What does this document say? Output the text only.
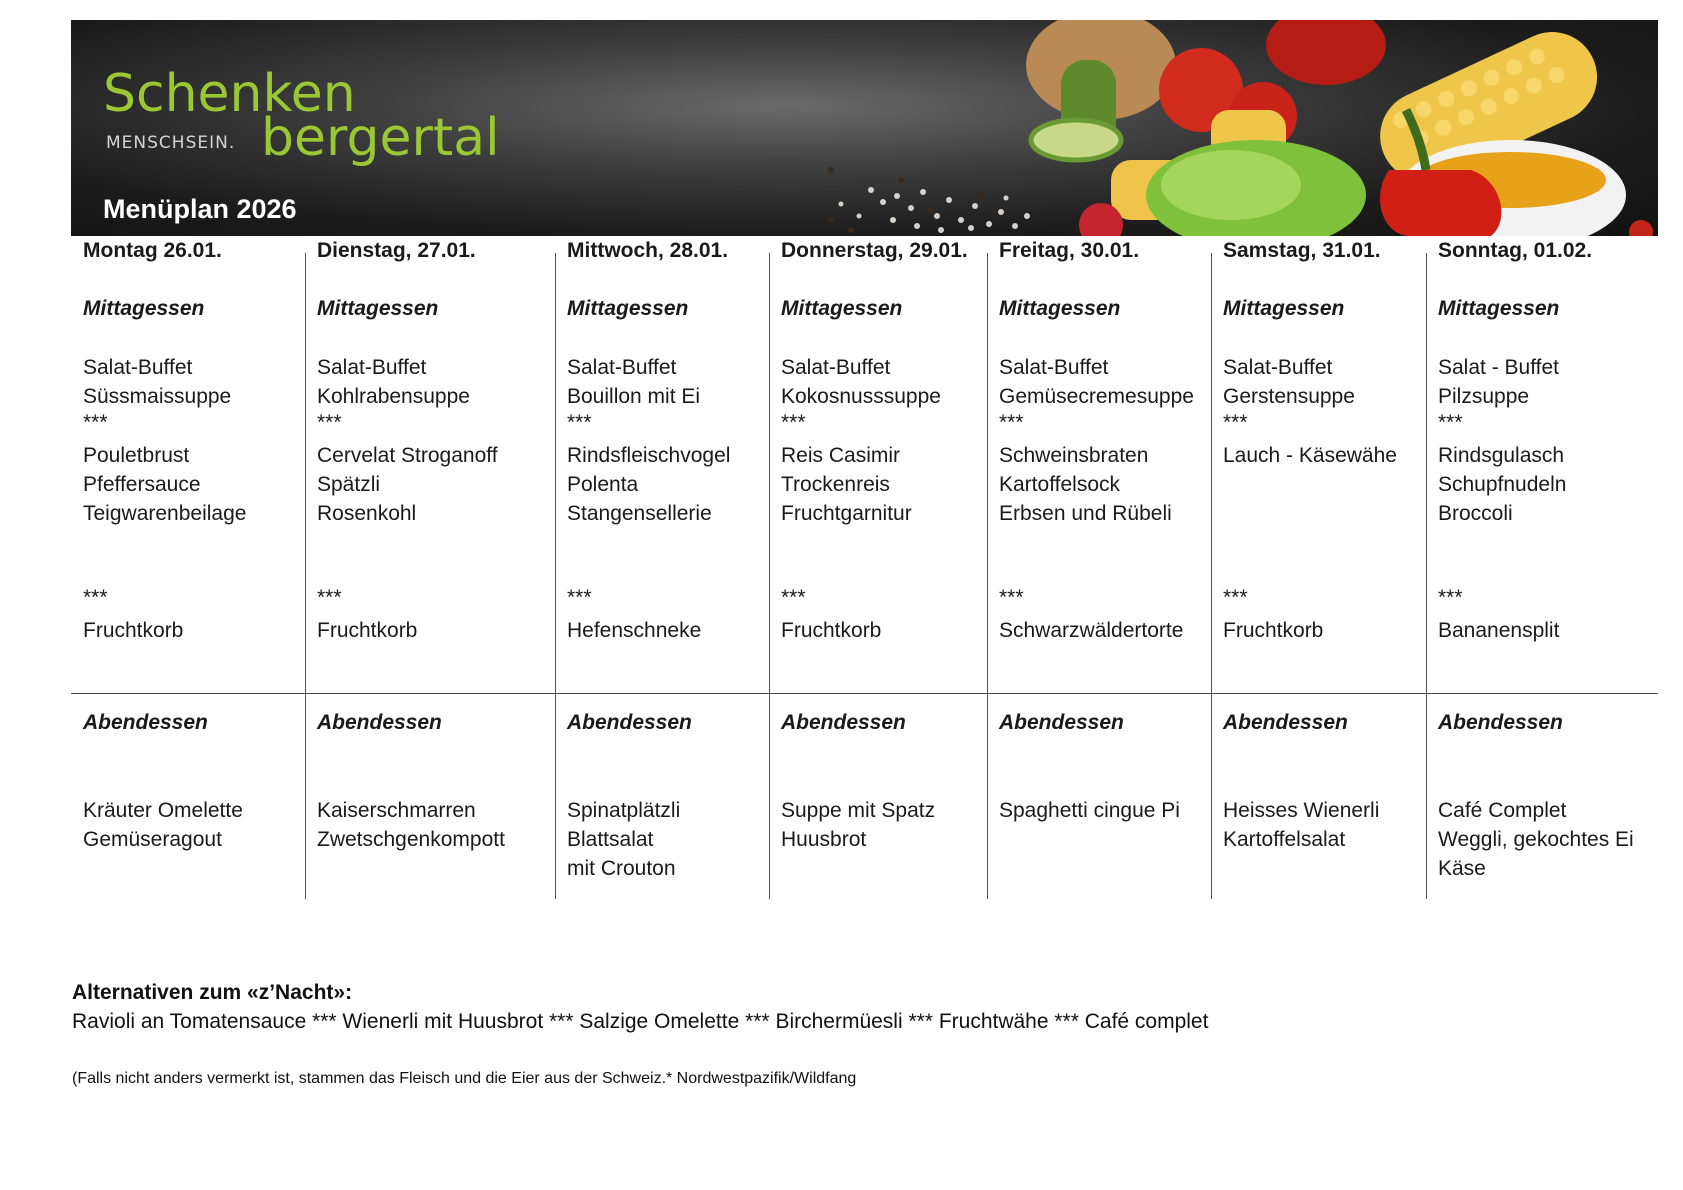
Schenken
MENSCHSEIN. bergertal
Menüplan 2026
Montag 26.01.
Mittagessen
Salat-Buffet
Süssmaissuppe
***
Pouletbrust
Pfeffersauce
Teigwarenbeilage
***
Fruchtkorb
Abendessen
Kräuter Omelette
Gemüseragout
Dienstag, 27.01.
Mittagessen
Salat-Buffet
Kohlrabensuppe
***
Cervelat Stroganoff
Spätzli
Rosenkohl
***
Fruchtkorb
Abendessen
Kaiserschmarren
Zwetschgenkompott
Mittwoch, 28.01.
Mittagessen
Salat-Buffet
Bouillon mit Ei
***
Rindsfleischvogel
Polenta
Stangensellerie
***
Hefenschneke
Abendessen
Spinatplätzli
Blattsalat
mit Crouton
Donnerstag, 29.01.
Mittagessen
Salat-Buffet
Kokosnusssuppe
***
Reis Casimir
Trockenreis
Fruchtgarnitur
***
Fruchtkorb
Abendessen
Suppe mit Spatz
Huusbrot
Freitag, 30.01.
Mittagessen
Salat-Buffet
Gemüsecremesuppe
***
Schweinsbraten
Kartoffelsock
Erbsen und Rübeli
***
Schwarzwäldertorte
Abendessen
Spaghetti cingue Pi
Samstag, 31.01.
Mittagessen
Salat-Buffet
Gerstensuppe
***
Lauch - Käsewähe
***
Fruchtkorb
Abendessen
Heisses Wienerli
Kartoffelsalat
Sonntag, 01.02.
Mittagessen
Salat - Buffet
Pilzsuppe
***
Rindsgulasch
Schupfnudeln
Broccoli
***
Bananensplit
Abendessen
Café Complet
Weggli, gekochtes Ei
Käse
Alternativen zum «z’Nacht»:
Ravioli an Tomatensauce *** Wienerli mit Huusbrot *** Salzige Omelette *** Birchermüesli *** Fruchtwähe *** Café complet
(Falls nicht anders vermerkt ist, stammen das Fleisch und die Eier aus der Schweiz.* Nordwestpazifik/Wildfang
